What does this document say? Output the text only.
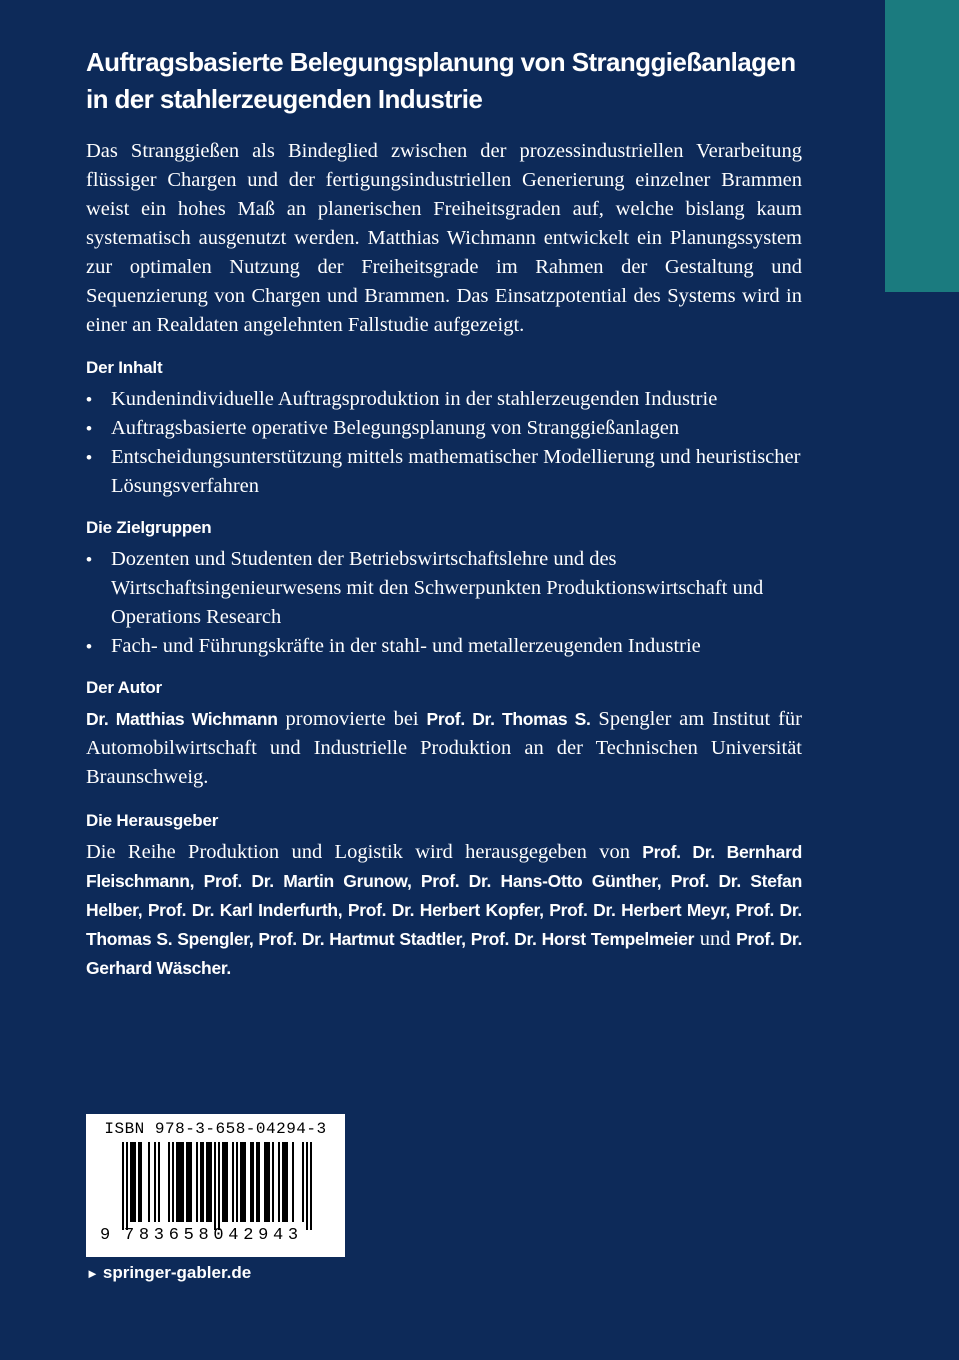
Auftragsbasierte Belegungsplanung von Stranggießanlagen
in der stahlerzeugenden Industrie

Das Stranggießen als Bindeglied zwischen der prozessindustriellen Verarbeitung flüssiger Chargen und der fertigungsindustriellen Generierung einzelner Brammen weist ein hohes Maß an planerischen Freiheitsgraden auf, welche bislang kaum systematisch ausgenutzt werden. Matthias Wichmann entwickelt ein Planungssystem zur optimalen Nutzung der Freiheitsgrade im Rahmen der Gestaltung und Sequenzierung von Chargen und Brammen. Das Einsatzpotential des Systems wird in einer an Realdaten angelehnten Fallstudie aufgezeigt.

Der Inhalt
• Kundenindividuelle Auftragsproduktion in der stahlerzeugenden Industrie
• Auftragsbasierte operative Belegungsplanung von Stranggießanlagen
• Entscheidungsunterstützung mittels mathematischer Modellierung und heuristischer Lösungsverfahren
Die Zielgruppen
• Dozenten und Studenten der Betriebswirtschaftslehre und des Wirtschaftsingenieurwesens mit den Schwerpunkten Produktionswirtschaft und Operations Research
• Fach- und Führungskräfte in der stahl- und metallerzeugenden Industrie
Der Autor

Dr. Matthias Wichmann promovierte bei Prof. Dr. Thomas S. Spengler am Institut für Automobilwirtschaft und Industrielle Produktion an der Technischen Universität Braunschweig.

Die Herausgeber

Die Reihe Produktion und Logistik wird herausgegeben von Prof. Dr. Bernhard Fleischmann, Prof. Dr. Martin Grunow, Prof. Dr. Hans-Otto Günther, Prof. Dr. Stefan Helber, Prof. Dr. Karl Inderfurth, Prof. Dr. Herbert Kopfer, Prof. Dr. Herbert Meyr, Prof. Dr. Thomas S. Spengler, Prof. Dr. Hartmut Stadtler, Prof. Dr. Horst Tempelmeier und Prof. Dr. Gerhard Wäscher.

ISBN 978-3-658-04294-3
9 783658042943
► springer-gabler.de
